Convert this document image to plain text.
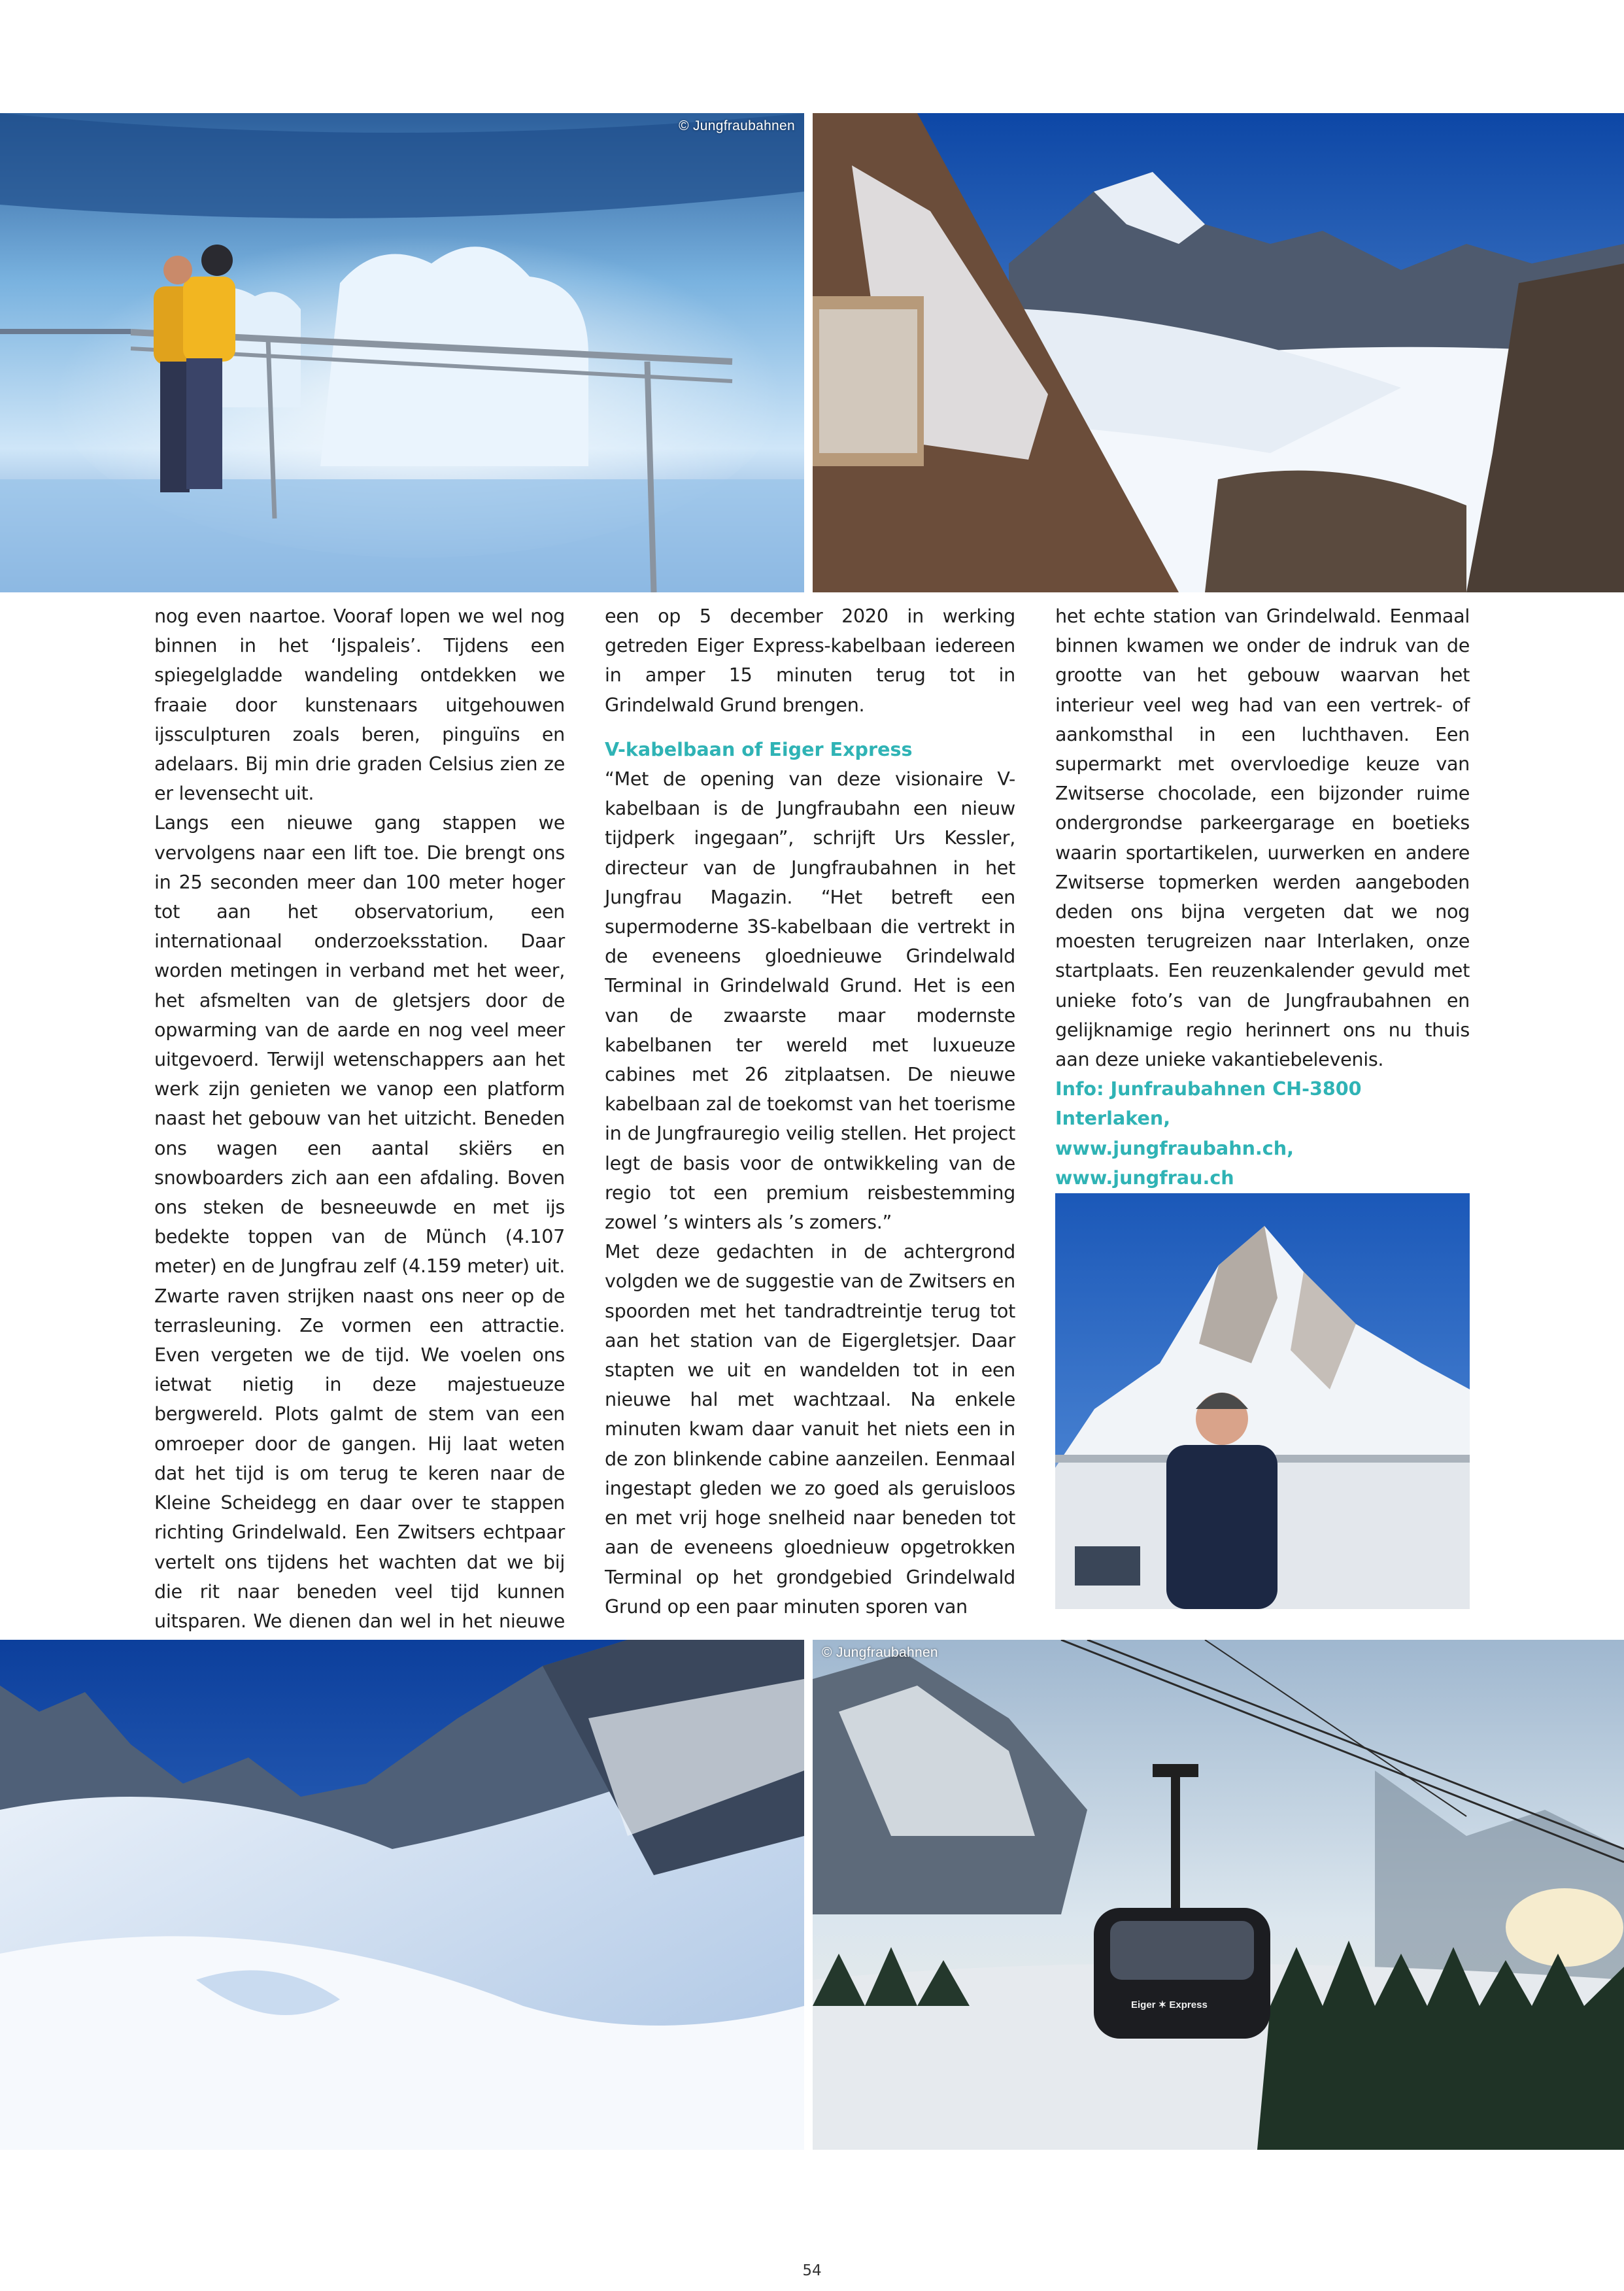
© Jungfraubahnen

nog even naartoe. Vooraf lopen we wel nog binnen in het ‘Ijspaleis’. Tijdens een spiegelgladde wandeling ontdekken we fraaie door kunstenaars uitgehouwen ijssculpturen zoals beren, pinguïns en adelaars. Bij min drie graden Celsius zien ze er levensecht uit.

Langs een nieuwe gang stappen we vervolgens naar een lift toe. Die brengt ons in 25 seconden meer dan 100 meter hoger tot aan het observatorium, een internationaal onderzoeksstation. Daar worden metingen in verband met het weer, het afsmelten van de gletsjers door de opwarming van de aarde en nog veel meer uitgevoerd. Terwijl wetenschappers aan het werk zijn genieten we vanop een platform naast het gebouw van het uitzicht. Beneden ons wagen een aantal skiërs en snowboarders zich aan een afdaling. Boven ons steken de besneeuwde en met ijs bedekte toppen van de Münch (4.107 meter) en de Jungfrau zelf (4.159 meter) uit. Zwarte raven strijken naast ons neer op de terrasleuning. Ze vormen een attractie. Even vergeten we de tijd. We voelen ons ietwat nietig in deze majestueuze bergwereld. Plots galmt de stem van een omroeper door de gangen. Hij laat weten dat het tijd is om terug te keren naar de Kleine Scheidegg en daar over te stappen richting Grindelwald. Een Zwitsers echtpaar vertelt ons tijdens het wachten dat we bij die rit naar beneden veel tijd kunnen uitsparen. We dienen dan wel in het nieuwe

een op 5 december 2020 in werking getreden Eiger Express-kabelbaan iedereen in amper 15 minuten terug tot in Grindelwald Grund brengen.

V-kabelbaan of Eiger Express

“Met de opening van deze visionaire V-kabelbaan is de Jungfraubahn een nieuw tijdperk ingegaan”, schrijft Urs Kessler, directeur van de Jungfraubahnen in het Jungfrau Magazin. “Het betreft een supermoderne 3S-kabelbaan die vertrekt in de eveneens gloednieuwe Grindelwald Terminal in Grindelwald Grund. Het is een van de zwaarste maar modernste kabelbanen ter wereld met luxueuze cabines met 26 zitplaatsen. De nieuwe kabelbaan zal de toekomst van het toerisme in de Jungfrauregio veilig stellen. Het project legt de basis voor de ontwikkeling van de regio tot een premium reisbestemming zowel ’s winters als ’s zomers.”

Met deze gedachten in de achtergrond volgden we de suggestie van de Zwitsers en spoorden met het tandradtreintje terug tot aan het station van de Eigergletsjer. Daar stapten we uit en wandelden tot in een nieuwe hal met wachtzaal. Na enkele minuten kwam daar vanuit het niets een in de zon blinkende cabine aanzeilen. Eenmaal ingestapt gleden we zo goed als geruisloos en met vrij hoge snelheid naar beneden tot aan de eveneens gloednieuw opgetrokken Terminal op het grondgebied Grindelwald Grund op een paar minuten sporen van

het echte station van Grindelwald. Eenmaal binnen kwamen we onder de indruk van de grootte van het gebouw waarvan het interieur veel weg had van een vertrek- of aankomsthal in een luchthaven. Een supermarkt met overvloedige keuze van Zwitserse chocolade, een bijzonder ruime ondergrondse parkeergarage en boetieks waarin sportartikelen, uurwerken en andere Zwitserse topmerken werden aangeboden deden ons bijna vergeten dat we nog moesten terugreizen naar Interlaken, onze startplaats. Een reuzenkalender gevuld met unieke foto’s van de Jungfraubahnen en gelijknamige regio herinnert ons nu thuis aan deze unieke vakantiebelevenis.

Info: Junfraubahnen CH-3800 Interlaken,

www.jungfraubahn.ch, www.jungfrau.ch

© Jungfraubahnen
Eiger ✶ Express
54
